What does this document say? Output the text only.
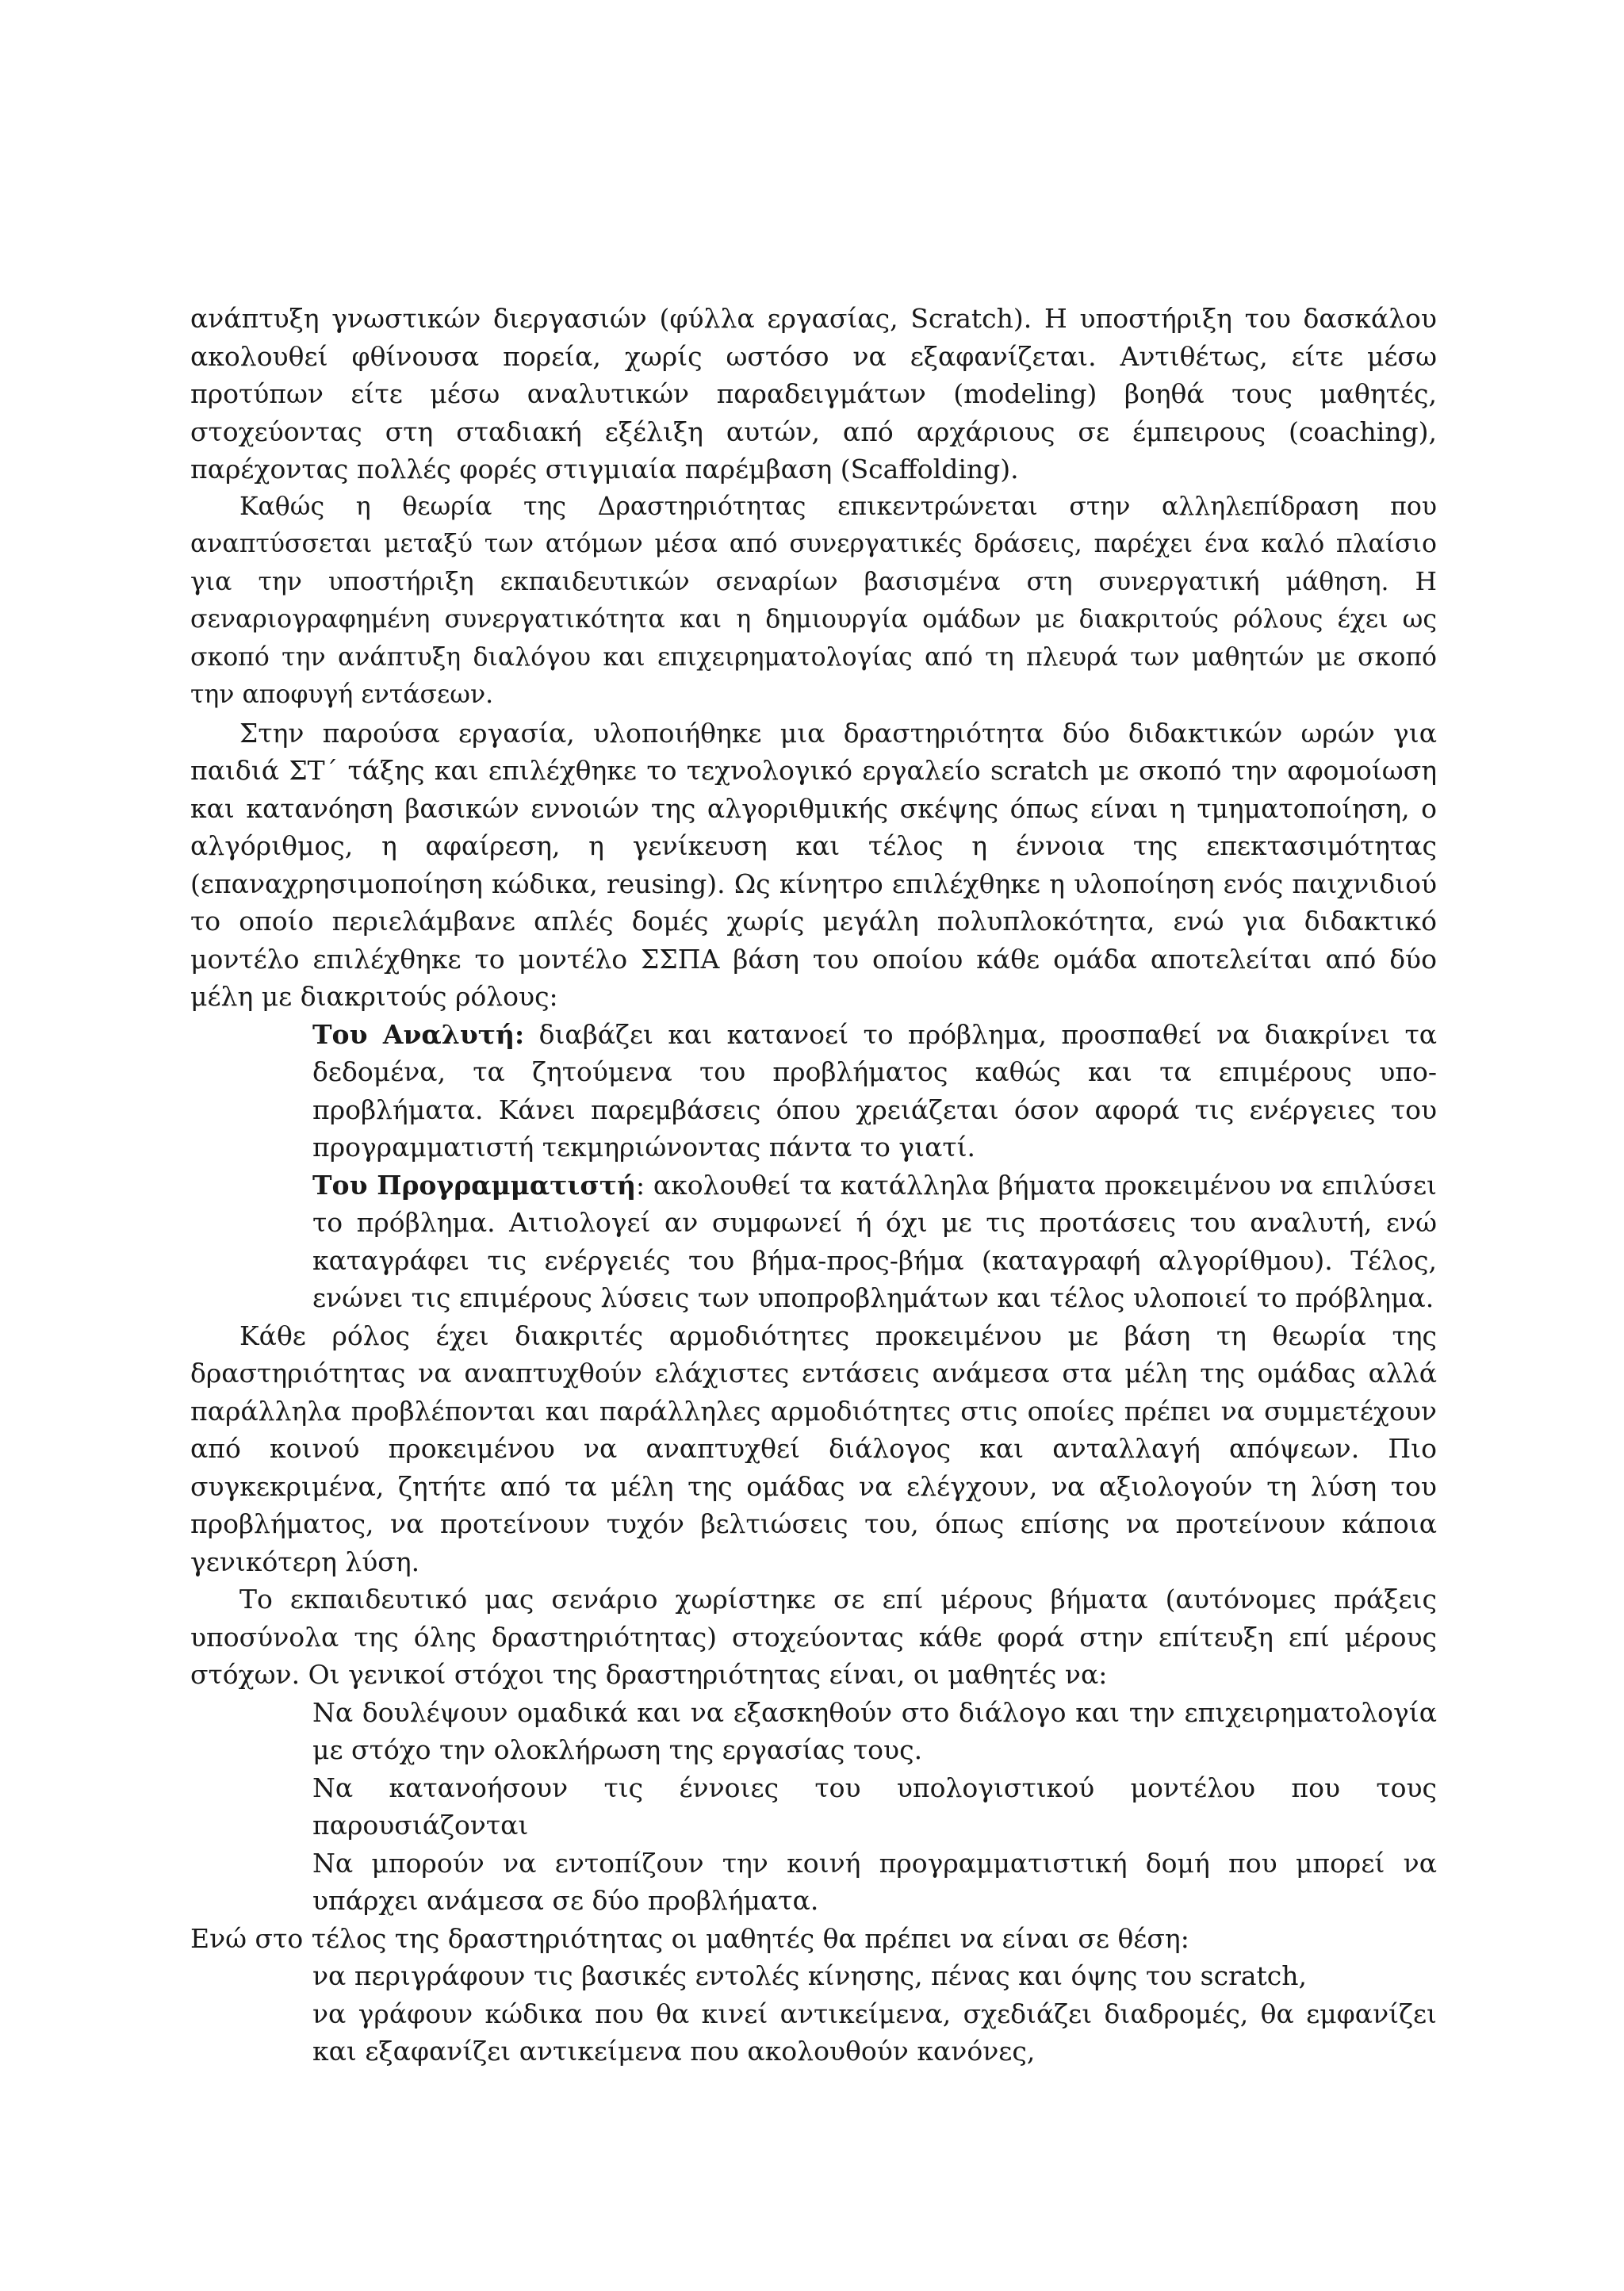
ανάπτυξη γνωστικών διεργασιών (φύλλα εργασίας, Scratch). Η υποστήριξη του δασκάλου ακολουθεί φθίνουσα πορεία, χωρίς ωστόσο να εξαφανίζεται. Αντιθέτως, είτε μέσω προτύπων είτε μέσω αναλυτικών παραδειγμάτων (modeling) βοηθά τους μαθητές, στοχεύοντας στη σταδιακή εξέλιξη αυτών, από αρχάριους σε έμπειρους (coaching), παρέχοντας πολλές φορές στιγμιαία παρέμβαση (Scaffolding).

Καθώς η θεωρία της Δραστηριότητας επικεντρώνεται στην αλληλεπίδραση που αναπτύσσεται μεταξύ των ατόμων μέσα από συνεργατικές δράσεις, παρέχει ένα καλό πλαίσιο για την υποστήριξη εκπαιδευτικών σεναρίων βασισμένα στη συνεργατική μάθηση. Η σεναριογραφημένη συνεργατικότητα και η δημιουργία ομάδων με διακριτούς ρόλους έχει ως σκοπό την ανάπτυξη διαλόγου και επιχειρηματολογίας από τη πλευρά των μαθητών με σκοπό την αποφυγή εντάσεων.

Στην παρούσα εργασία, υλοποιήθηκε μια δραστηριότητα δύο διδακτικών ωρών για παιδιά ΣΤ΄ τάξης και επιλέχθηκε το τεχνολογικό εργαλείο scratch με σκοπό την αφομοίωση και κατανόηση βασικών εννοιών της αλγοριθμικής σκέψης όπως είναι η τμηματοποίηση, ο αλγόριθμος, η αφαίρεση, η γενίκευση και τέλος η έννοια της επεκτασιμότητας (επαναχρησιμοποίηση κώδικα, reusing). Ως κίνητρο επιλέχθηκε η υλοποίηση ενός παιχνιδιού το οποίο περιελάμβανε απλές δομές χωρίς μεγάλη πολυπλοκότητα, ενώ για διδακτικό μοντέλο επιλέχθηκε το μοντέλο ΣΣΠΑ βάση του οποίου κάθε ομάδα αποτελείται από δύο μέλη με διακριτούς ρόλους:

Του Αναλυτή: διαβάζει και κατανοεί το πρόβλημα, προσπαθεί να διακρίνει τα δεδομένα, τα ζητούμενα του προβλήματος καθώς και τα επιμέρους υπο-προβλήματα. Κάνει παρεμβάσεις όπου χρειάζεται όσον αφορά τις ενέργειες του προγραμματιστή τεκμηριώνοντας πάντα το γιατί.
Του Προγραμματιστή: ακολουθεί τα κατάλληλα βήματα προκειμένου να επιλύσει το πρόβλημα. Αιτιολογεί αν συμφωνεί ή όχι με τις προτάσεις του αναλυτή, ενώ καταγράφει τις ενέργειές του βήμα-προς-βήμα (καταγραφή αλγορίθμου). Τέλος, ενώνει τις επιμέρους λύσεις των υποπροβλημάτων και τέλος υλοποιεί το πρόβλημα.

Κάθε ρόλος έχει διακριτές αρμοδιότητες προκειμένου με βάση τη θεωρία της δραστηριότητας να αναπτυχθούν ελάχιστες εντάσεις ανάμεσα στα μέλη της ομάδας αλλά παράλληλα προβλέπονται και παράλληλες αρμοδιότητες στις οποίες πρέπει να συμμετέχουν από κοινού προκειμένου να αναπτυχθεί διάλογος και ανταλλαγή απόψεων. Πιο συγκεκριμένα, ζητήτε από τα μέλη της ομάδας να ελέγχουν, να αξιολογούν τη λύση του προβλήματος, να προτείνουν τυχόν βελτιώσεις του, όπως επίσης να προτείνουν κάποια γενικότερη λύση.

Το εκπαιδευτικό μας σενάριο χωρίστηκε σε επί μέρους βήματα (αυτόνομες πράξεις υποσύνολα της όλης δραστηριότητας) στοχεύοντας κάθε φορά στην επίτευξη επί μέρους στόχων. Οι γενικοί στόχοι της δραστηριότητας είναι, οι μαθητές να:

Να δουλέψουν ομαδικά και να εξασκηθούν στο διάλογο και την επιχειρηματολογία με στόχο την ολοκλήρωση της εργασίας τους.
Να κατανοήσουν τις έννοιες του υπολογιστικού μοντέλου που τους παρουσιάζονται
Να μπορούν να εντοπίζουν την κοινή προγραμματιστική δομή που μπορεί να υπάρχει ανάμεσα σε δύο προβλήματα.

Ενώ στο τέλος της δραστηριότητας οι μαθητές θα πρέπει να είναι σε θέση:

να περιγράφουν τις βασικές εντολές κίνησης, πένας και όψης του scratch,
να γράφουν κώδικα που θα κινεί αντικείμενα, σχεδιάζει διαδρομές, θα εμφανίζει και εξαφανίζει αντικείμενα που ακολουθούν κανόνες,
